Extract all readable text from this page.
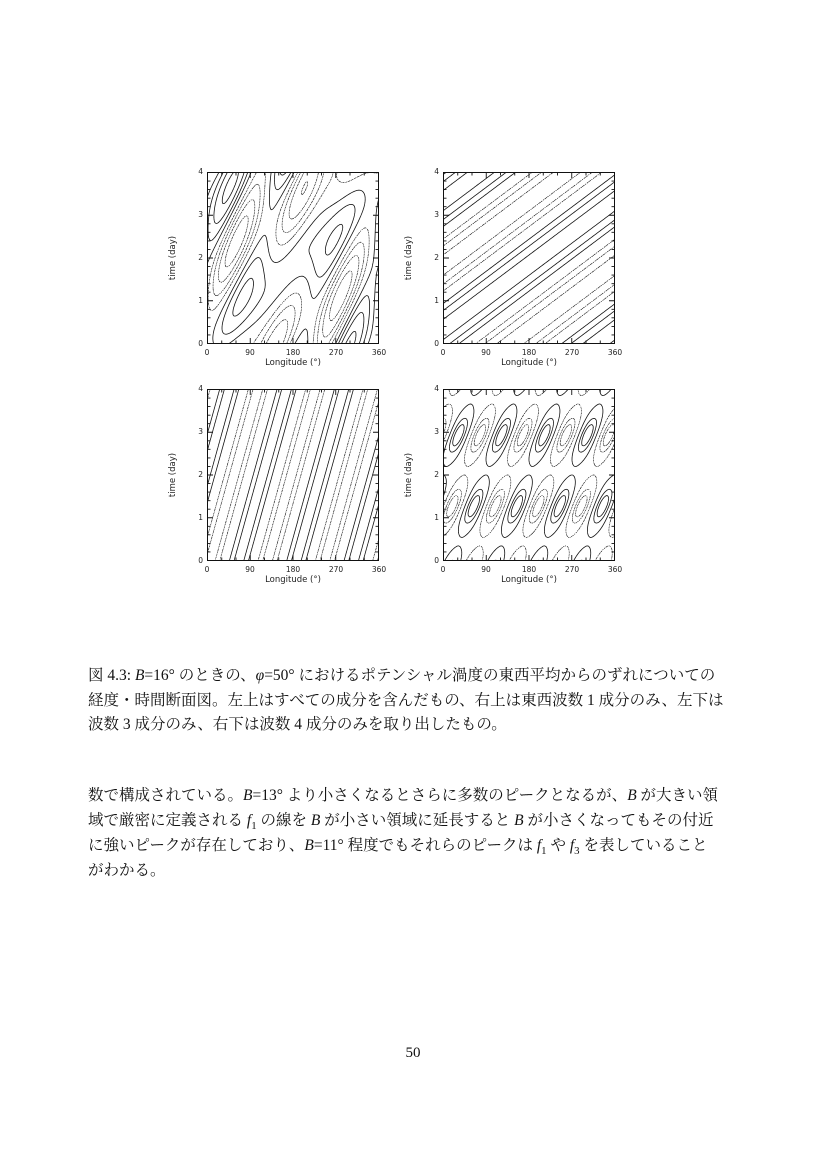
time (day)
Longitude (°)
0	90	180	270	360
0
1
2
3
4
time (day)
Longitude (°)
0	90	180	270	360
0
1
2
3
4
time (day)
Longitude (°)
0	90	180	270	360
0
1
2
3
4
time (day)
Longitude (°)
0	90	180	270	360
0
1
2
3
4
図 4.3: B=16° のときの、φ=50° におけるポテンシャル渦度の東西平均からのずれについての
経度・時間断面図。左上はすべての成分を含んだもの、右上は東西波数 1 成分のみ、左下は
波数 3 成分のみ、右下は波数 4 成分のみを取り出したもの。
数で構成されている。B=13° より小さくなるとさらに多数のピークとなるが、B が大きい領
域で厳密に定義される $f_1$ の線を B が小さい領域に延長すると B が小さくなってもその付近
に強いピークが存在しており、B=11° 程度でもそれらのピークは $f_1$ や $f_3$ を表していること
がわかる。
50
